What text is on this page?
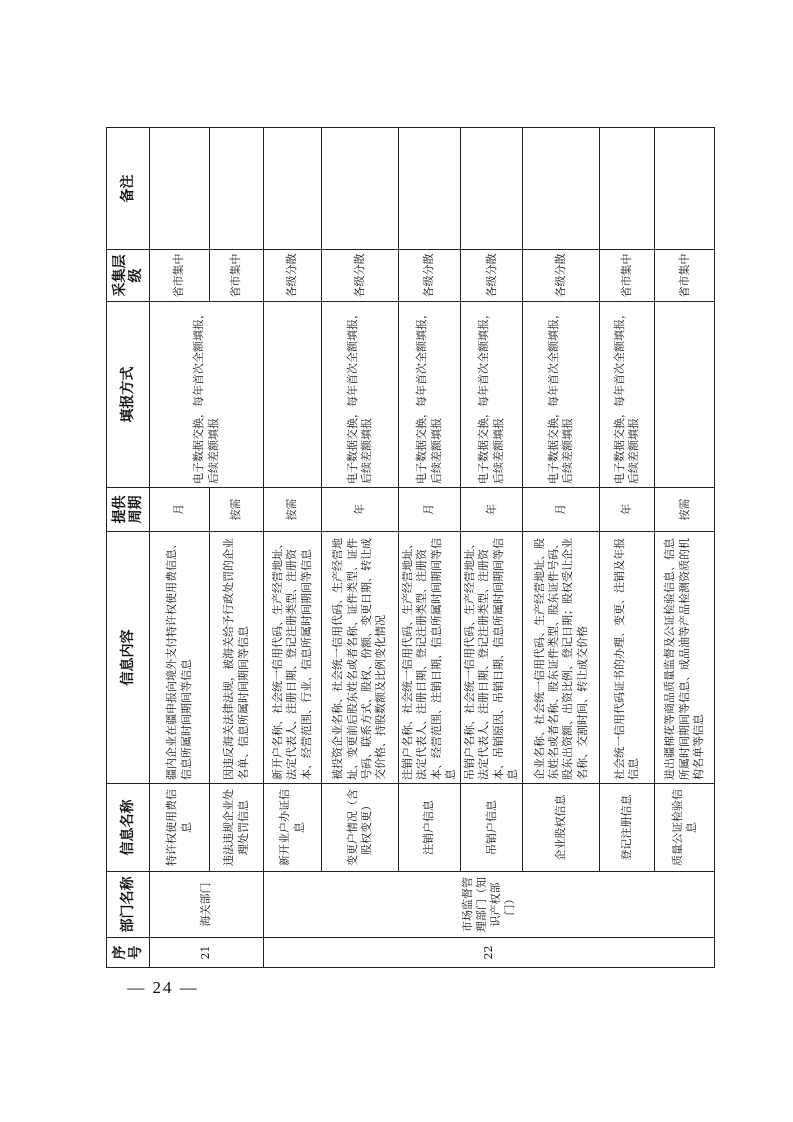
— 24 —
序号	部门名称	信息名称	信息内容	提供周期	填报方式	采集层级	备注
21	海关部门	特许权使用费信息	疆内企业在疆申报向境外支付特许权使用费信息、信息所属时间期间等信息	月	电子数据交换，每年首次全额填报，后续差额填报	省市集中	
		违法违规企业处理处罚信息	因违反海关法律法规，被海关给予行政处罚的企业名单、信息所属时间期间等信息	按需		省市集中	
22	市场监督管理部门（知识产权部门）	新开业户办证信息	新开户名称、社会统一信用代码、生产经营地址、法定代表人、注册日期、登记注册类型、注册资本、经营范围、行业、信息所属时间期间等信息	按需		各级分散	
		变更户情况（含股权变更）	被投资企业名称、社会统一信用代码、生产经营地址、变更前后股东姓名或者名称、证件类型、证件号码、联系方式、股权、份额、变更日期、转让成交价格、持股数额及比例变化情况	年	电子数据交换，每年首次全额填报，后续差额填报	各级分散	
		注销户信息	注销户名称、社会统一信用代码、生产经营地址、法定代表人、注册日期、登记注册类型、注册资本、经营范围、注销日期、信息所属时间期间等信息	月	电子数据交换，每年首次全额填报，后续差额填报	各级分散	
		吊销户信息	吊销户名称、社会统一信用代码、生产经营地址、法定代表人、注册日期、登记注册类型、注册资本、吊销原因、吊销日期、信息所属时间期间等信息	年	电子数据交换，每年首次全额填报，后续差额填报	各级分散	
		企业股权信息	企业名称、社会统一信用代码、生产经营地址、股东姓名或者名称、股东证件类型、股东证件号码、股东出资额、出资比例、登记日期；股权受让企业名称、交割时间、转让成交价格	月	电子数据交换，每年首次全额填报，后续差额填报	各级分散	
		登记注册信息	社会统一信用代码证书的办理、变更、注销及年报信息	年	电子数据交换，每年首次全额填报，后续差额填报	省市集中	
		质量公证检验信息	进出疆棉花等商品质量监督及公证检验信息、信息所属时间期间等信息、成品油等产品检测资质的机构名单等信息	按需		省市集中	
